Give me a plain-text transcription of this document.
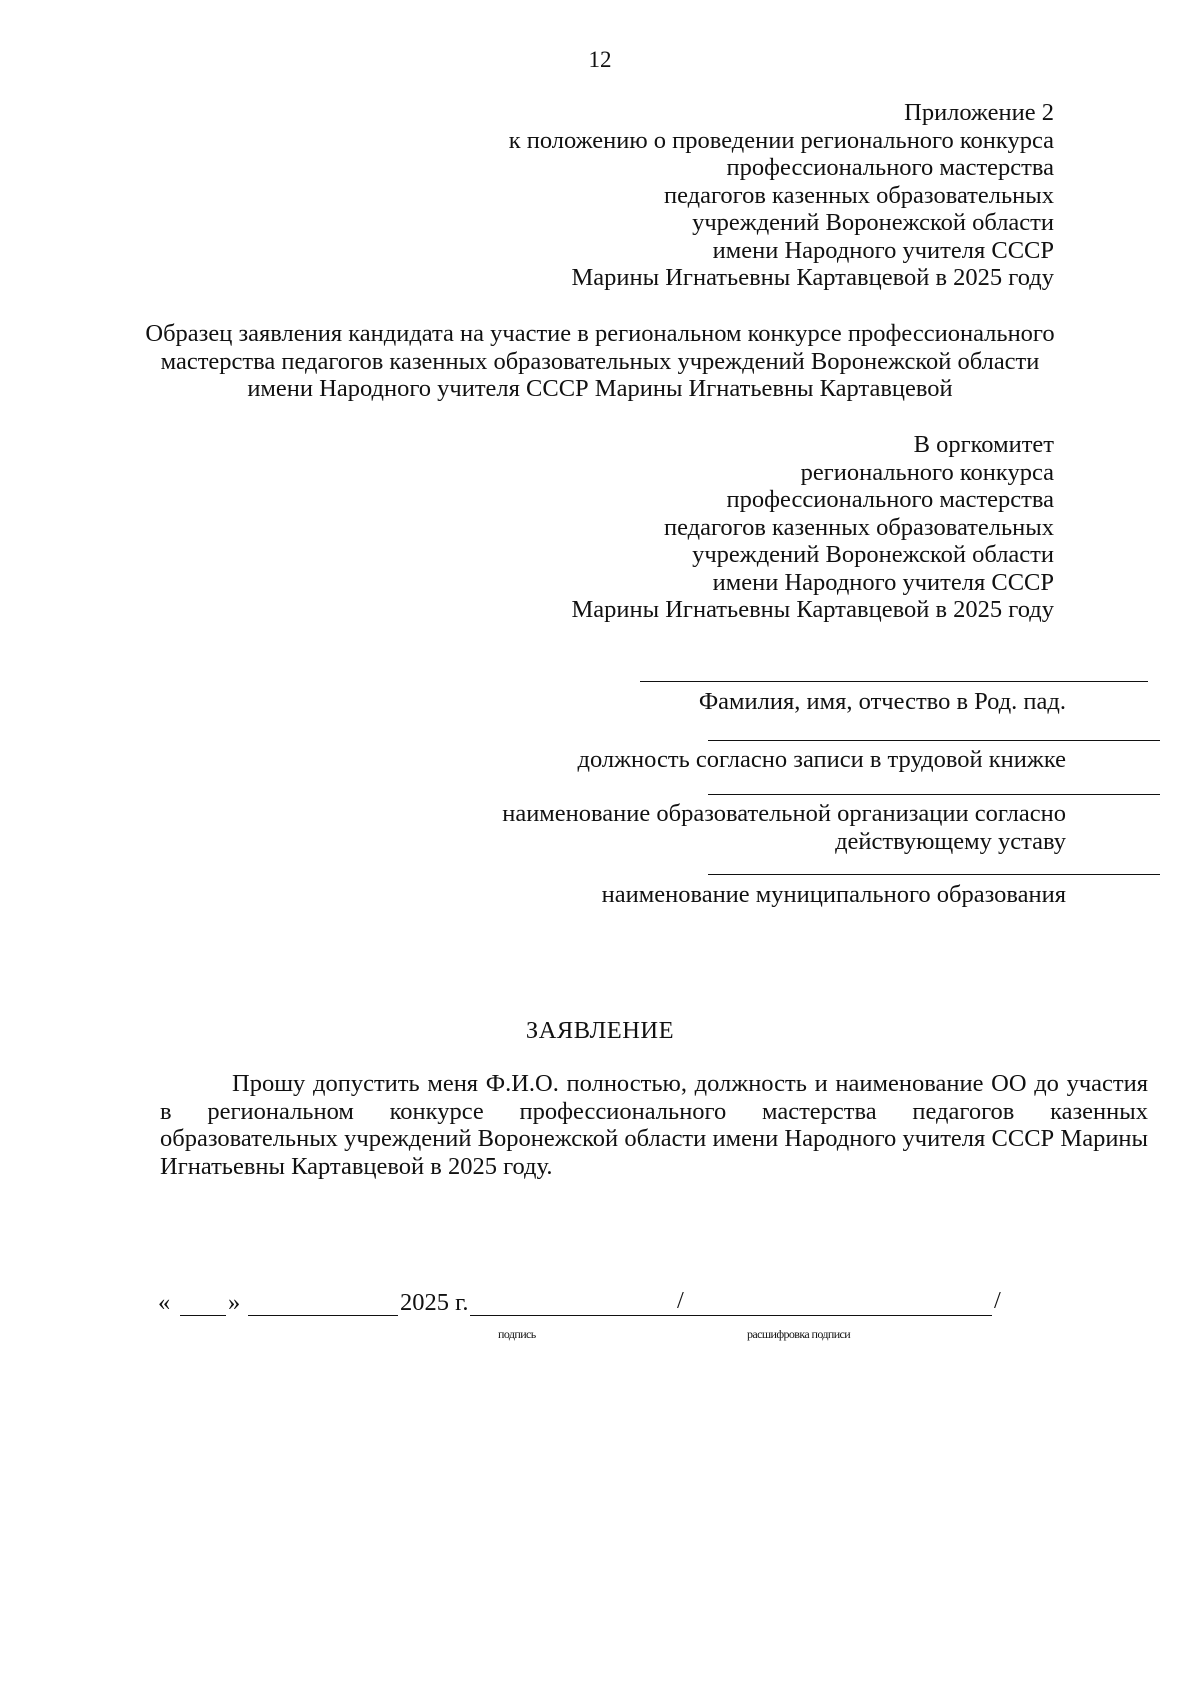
12
Приложение 2
к положению о проведении регионального конкурса
профессионального мастерства
педагогов казенных образовательных
учреждений Воронежской области
имени Народного учителя СССР
Марины Игнатьевны Картавцевой в 2025 году
Образец заявления кандидата на участие в региональном конкурсе профессионального
мастерства педагогов казенных образовательных учреждений Воронежской области
имени Народного учителя СССР Марины Игнатьевны Картавцевой
В оргкомитет
регионального конкурса
профессионального мастерства
педагогов казенных образовательных
учреждений Воронежской области
имени Народного учителя СССР
Марины Игнатьевны Картавцевой в 2025 году
Фамилия, имя, отчество в Род. пад.
должность согласно записи в трудовой книжке
наименование образовательной организации согласно
действующему уставу
наименование муниципального образования
ЗАЯВЛЕНИЕ
Прошу допустить меня Ф.И.О. полностью, должность и наименование ОО до участия в региональном конкурсе профессионального мастерства педагогов казенных образовательных учреждений Воронежской области имени Народного учителя СССР Марины Игнатьевны Картавцевой в 2025 году.
« »	2025 г.	/	/
подпись	расшифровка подписи
